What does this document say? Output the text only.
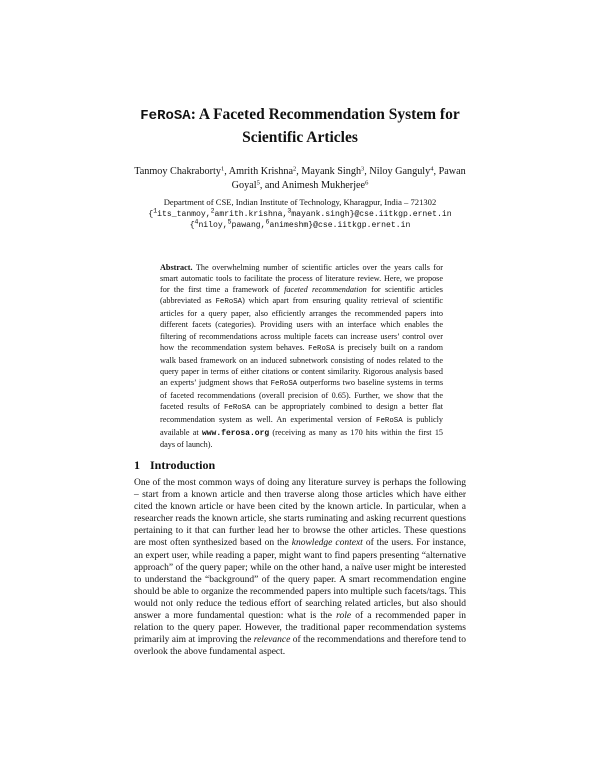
FeRoSA: A Faceted Recommendation System for
Scientific Articles
Tanmoy Chakraborty$^1$, Amrith Krishna$^2$, Mayank Singh$^3$, Niloy Ganguly$^4$, Pawan
Goyal$^5$, and Animesh Mukherjee$^6$
Department of CSE, Indian Institute of Technology, Kharagpur, India – 721302
{$^1$its_tanmoy,$^2$amrith.krishna,$^3$mayank.singh}@cse.iitkgp.ernet.in
{$^4$niloy,$^5$pawang,$^6$animeshm}@cse.iitkgp.ernet.in
Abstract. The overwhelming number of scientific articles over the years calls for smart automatic tools to facilitate the process of literature review. Here, we propose for the first time a framework of faceted recommendation for scientific articles (abbreviated as FeRoSA) which apart from ensuring quality retrieval of scientific articles for a query paper, also efficiently arranges the recommended papers into different facets (categories). Providing users with an interface which enables the filtering of recommendations across multiple facets can increase users’ control over how the recommendation system behaves. FeRoSA is precisely built on a random walk based framework on an induced subnetwork consisting of nodes related to the query paper in terms of either citations or content similarity. Rigorous analysis based an experts’ judgment shows that FeRoSA outperforms two baseline systems in terms of faceted recommendations (overall precision of 0.65). Further, we show that the faceted results of FeRoSA can be appropriately combined to design a better flat recommendation system as well. An experimental version of FeRoSA is publicly available at www.ferosa.org (receiving as many as 170 hits within the first 15 days of launch).
1 Introduction
One of the most common ways of doing any literature survey is perhaps the following – start from a known article and then traverse along those articles which have either cited the known article or have been cited by the known article. In particular, when a researcher reads the known article, she starts ruminating and asking recurrent questions pertaining to it that can further lead her to browse the other articles. These questions are most often synthesized based on the knowledge context of the users. For instance, an expert user, while reading a paper, might want to find papers presenting “alternative approach” of the query paper; while on the other hand, a naïve user might be interested to understand the “background” of the query paper. A smart recommendation engine should be able to organize the recommended papers into multiple such facets/tags. This would not only reduce the tedious effort of searching related articles, but also should answer a more fundamental question: what is the role of a recommended paper in relation to the query paper. However, the traditional paper recommendation systems primarily aim at improving the relevance of the recommendations and therefore tend to overlook the above fundamental aspect.
